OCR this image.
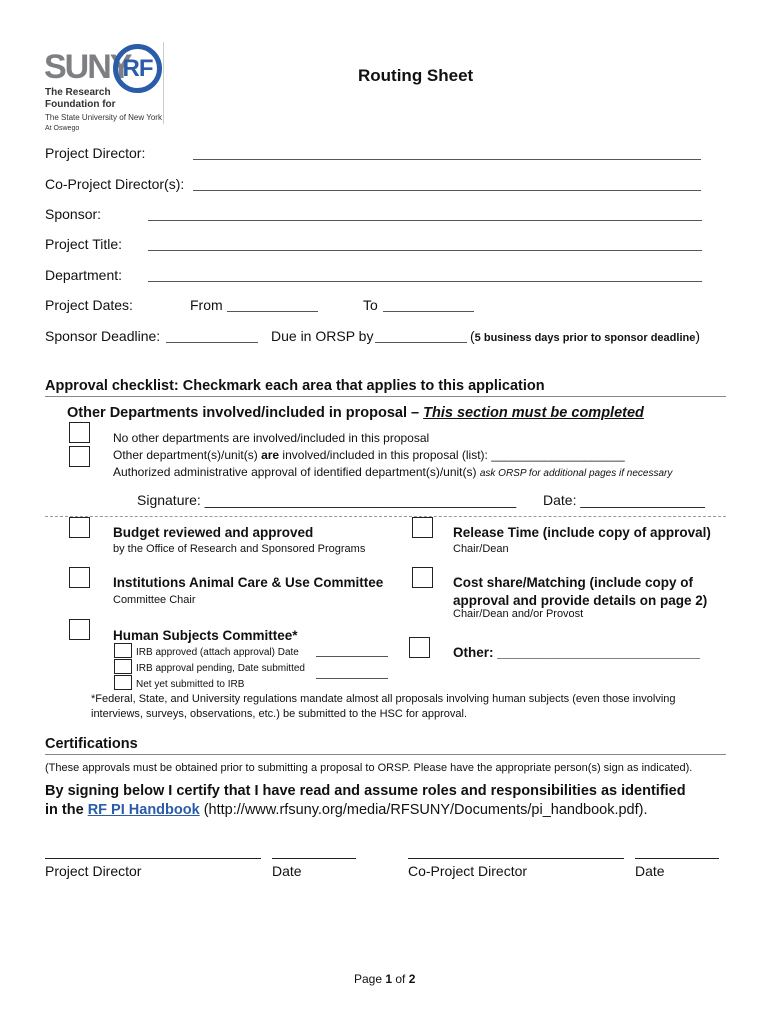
SUNY
RF
The Research
Foundation for
The State University of New York
At Oswego
Routing Sheet
Project Director:
Co-Project Director(s):
Sponsor:
Project Title:
Department:
Project Dates:	From	To
Sponsor Deadline:	Due in ORSP by	(5 business days prior to sponsor deadline)
Approval checklist: Checkmark each area that applies to this application
Other Departments involved/included in proposal – This section must be completed
No other departments are involved/included in this proposal
Other department(s)/unit(s) are involved/included in this proposal (list): ____________________
Authorized administrative approval of identified department(s)/unit(s) ask ORSP for additional pages if necessary
Signature: ________________________________________ Date: ________________
Budget reviewed and approved
by the Office of Research and Sponsored Programs
Release Time (include copy of approval)
Chair/Dean
Institutions Animal Care & Use Committee
Committee Chair
Cost share/Matching (include copy of
approval and provide details on page 2)
Chair/Dean and/or Provost
Human Subjects Committee*
IRB approved (attach approval) Date
IRB approval pending, Date submitted
Net yet submitted to IRB
Other: ___________________________
*Federal, State, and University regulations mandate almost all proposals involving human subjects (even those involving
interviews, surveys, observations, etc.) be submitted to the HSC for approval.
Certifications
(These approvals must be obtained prior to submitting a proposal to ORSP. Please have the appropriate person(s) sign as indicated).
By signing below I certify that I have read and assume roles and responsibilities as identified
in the RF PI Handbook (http://www.rfsuny.org/media/RFSUNY/Documents/pi_handbook.pdf).
Project Director	Date	Co-Project Director	Date
Page 1 of 2
